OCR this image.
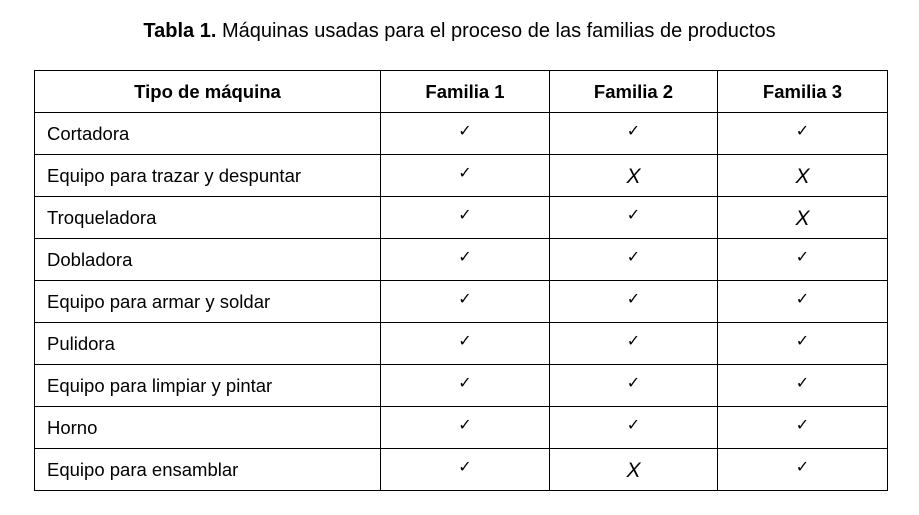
Tabla 1. Máquinas usadas para el proceso de las familias de productos
Tipo de máquina	Familia 1	Familia 2	Familia 3
Cortadora	✓	✓	✓
Equipo para trazar y despuntar	✓	X	X
Troqueladora	✓	✓	X
Dobladora	✓	✓	✓
Equipo para armar y soldar	✓	✓	✓
Pulidora	✓	✓	✓
Equipo para limpiar y pintar	✓	✓	✓
Horno	✓	✓	✓
Equipo para ensamblar	✓	X	✓
